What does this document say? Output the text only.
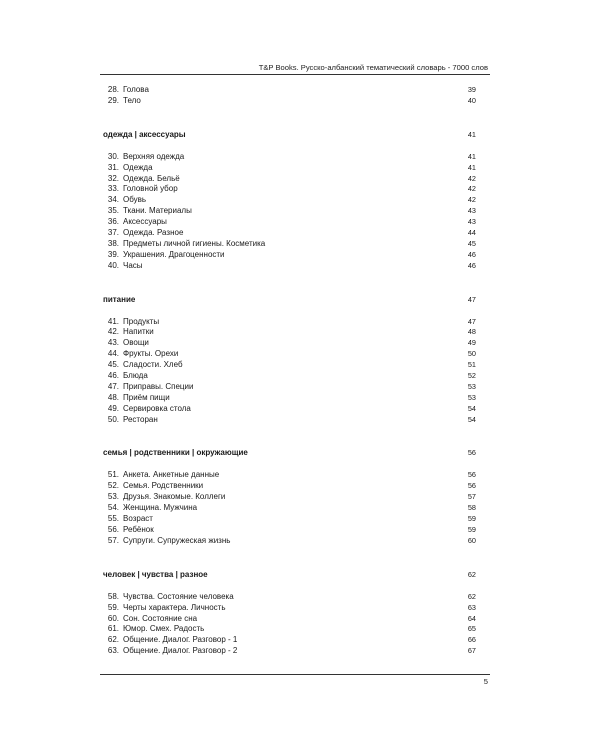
T&P Books. Русско-албанский тематический словарь - 7000 слов
28. Голова	39
29. Тело	40
одежда | аксессуары	41
30. Верхняя одежда	41
31. Одежда	41
32. Одежда. Бельё	42
33. Головной убор	42
34. Обувь	42
35. Ткани. Материалы	43
36. Аксессуары	43
37. Одежда. Разное	44
38. Предметы личной гигиены. Косметика	45
39. Украшения. Драгоценности	46
40. Часы	46
питание	47
41. Продукты	47
42. Напитки	48
43. Овощи	49
44. Фрукты. Орехи	50
45. Сладости. Хлеб	51
46. Блюда	52
47. Приправы. Специи	53
48. Приём пищи	53
49. Сервировка стола	54
50. Ресторан	54
семья | родственники | окружающие	56
51. Анкета. Анкетные данные	56
52. Семья. Родственники	56
53. Друзья. Знакомые. Коллеги	57
54. Женщина. Мужчина	58
55. Возраст	59
56. Ребёнок	59
57. Супруги. Супружеская жизнь	60
человек | чувства | разное	62
58. Чувства. Состояние человека	62
59. Черты характера. Личность	63
60. Сон. Состояние сна	64
61. Юмор. Смех. Радость	65
62. Общение. Диалог. Разговор - 1	66
63. Общение. Диалог. Разговор - 2	67
5
